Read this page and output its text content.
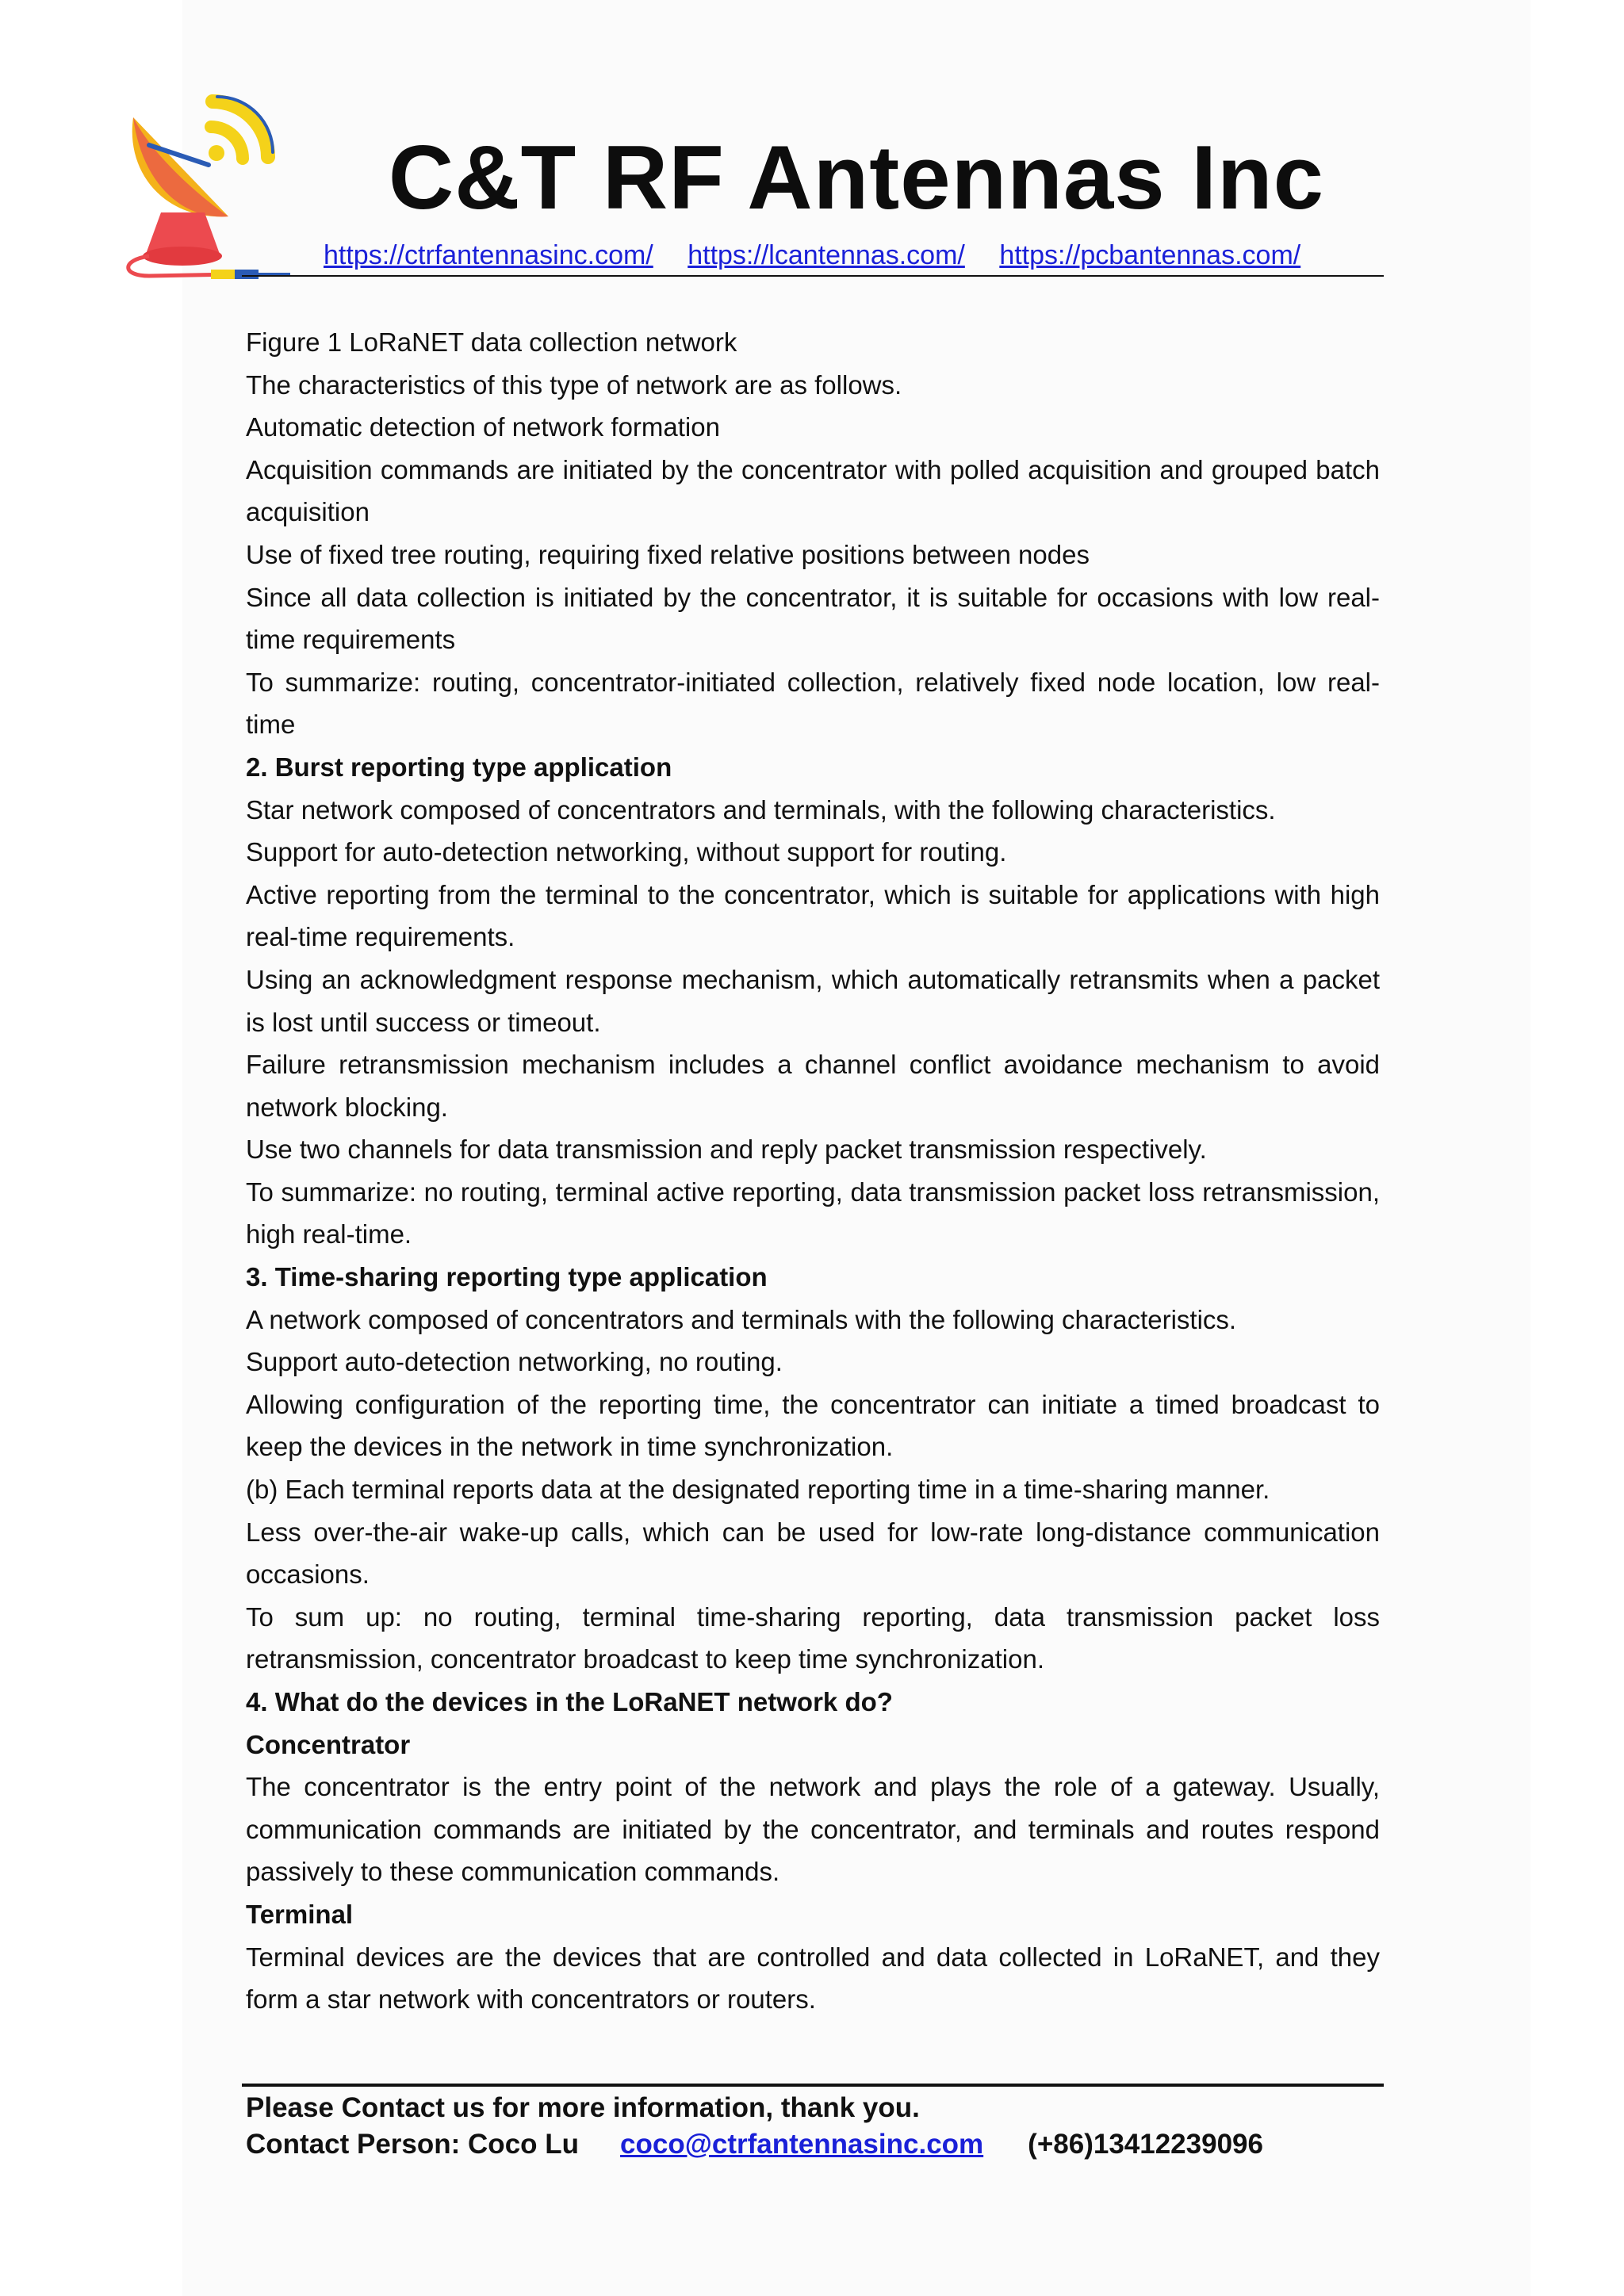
C&T RF Antennas Inc
https://ctrfantennasinc.com/ https://lcantennas.com/ https://pcbantennas.com/

Figure 1 LoRaNET data collection network

The characteristics of this type of network are as follows.

Automatic detection of network formation

Acquisition commands are initiated by the concentrator with polled acquisition and grouped batch acquisition

Use of fixed tree routing, requiring fixed relative positions between nodes

Since all data collection is initiated by the concentrator, it is suitable for occasions with low real-time requirements

To summarize: routing, concentrator-initiated collection, relatively fixed node location, low real-time

2. Burst reporting type application

Star network composed of concentrators and terminals, with the following characteristics.

Support for auto-detection networking, without support for routing.

Active reporting from the terminal to the concentrator, which is suitable for applications with high real-time requirements.

Using an acknowledgment response mechanism, which automatically retransmits when a packet is lost until success or timeout.

Failure retransmission mechanism includes a channel conflict avoidance mechanism to avoid network blocking.

Use two channels for data transmission and reply packet transmission respectively.

To summarize: no routing, terminal active reporting, data transmission packet loss retransmission, high real-time.

3. Time-sharing reporting type application

A network composed of concentrators and terminals with the following characteristics.

Support auto-detection networking, no routing.

Allowing configuration of the reporting time, the concentrator can initiate a timed broadcast to keep the devices in the network in time synchronization.

(b) Each terminal reports data at the designated reporting time in a time-sharing manner.

Less over-the-air wake-up calls, which can be used for low-rate long-distance communication occasions.

To sum up: no routing, terminal time-sharing reporting, data transmission packet loss retransmission, concentrator broadcast to keep time synchronization.

4. What do the devices in the LoRaNET network do?

Concentrator

The concentrator is the entry point of the network and plays the role of a gateway. Usually, communication commands are initiated by the concentrator, and terminals and routes respond passively to these communication commands.

Terminal

Terminal devices are the devices that are controlled and data collected in LoRaNET, and they form a star network with concentrators or routers.

Please Contact us for more information, thank you.
Contact Person: Coco Lu coco@ctrfantennasinc.com (+86)13412239096
